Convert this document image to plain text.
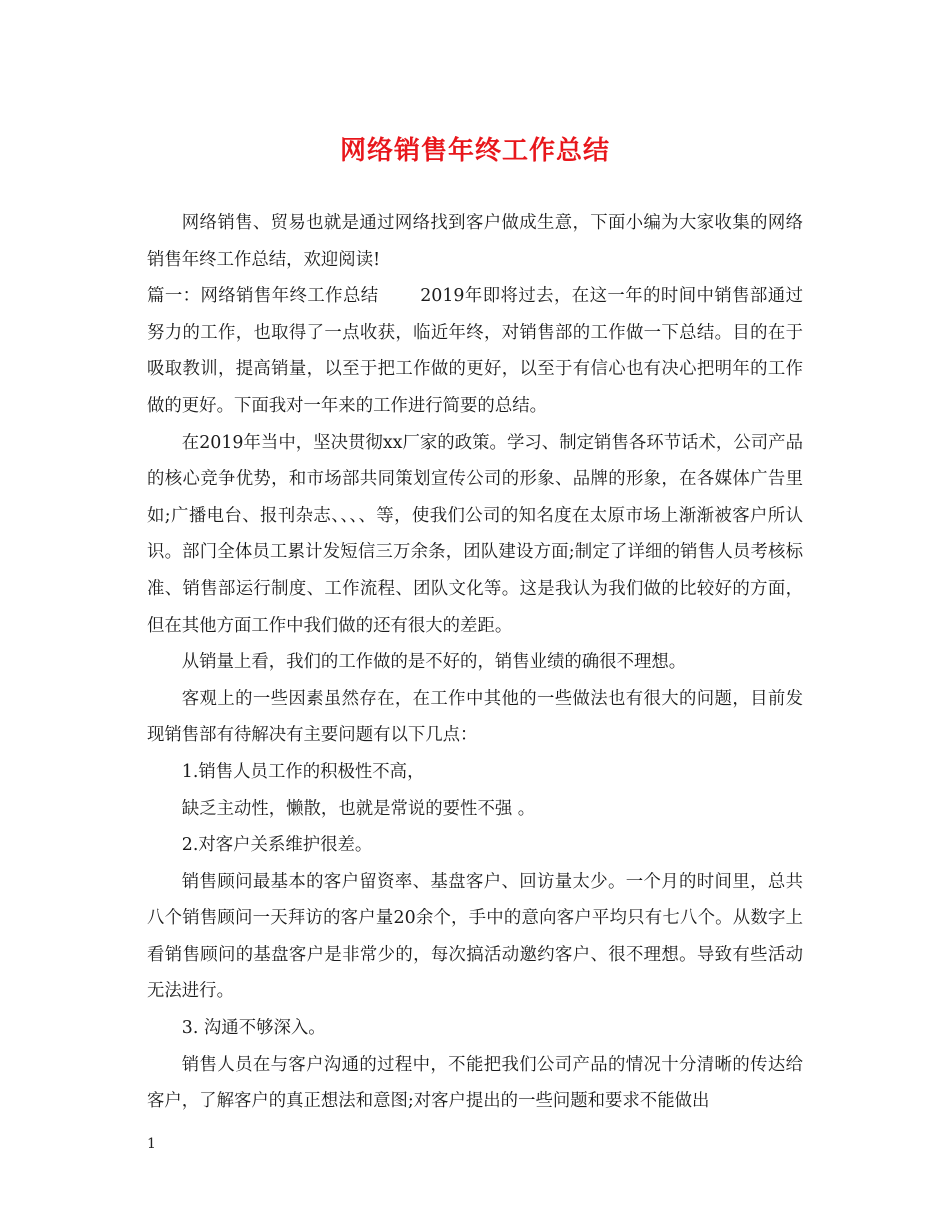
网络销售年终工作总结

网络销售、贸易也就是通过网络找到客户做成生意，下面小编为大家收集的网络销售年终工作总结，欢迎阅读!

篇一：网络销售年终工作总结　　 2019年即将过去，在这一年的时间中销售部通过努力的工作，也取得了一点收获，临近年终，对销售部的工作做一下总结。目的在于吸取教训，提高销量，以至于把工作做的更好，以至于有信心也有决心把明年的工作做的更好。下面我对一年来的工作进行简要的总结。

在2019年当中，坚决贯彻xx厂家的政策。学习、制定销售各环节话术，公司产品的核心竞争优势，和市场部共同策划宣传公司的形象、品牌的形象，在各媒体广告里如;广播电台、报刊杂志、、、、等，使我们公司的知名度在太原市场上渐渐被客户所认识。部门全体员工累计发短信三万余条，团队建设方面;制定了详细的销售人员考核标准、销售部运行制度、工作流程、团队文化等。这是我认为我们做的比较好的方面，但在其他方面工作中我们做的还有很大的差距。

从销量上看，我们的工作做的是不好的，销售业绩的确很不理想。

客观上的一些因素虽然存在，在工作中其他的一些做法也有很大的问题，目前发现销售部有待解决有主要问题有以下几点：

1.销售人员工作的积极性不高，

缺乏主动性，懒散，也就是常说的要性不强 。

2.对客户关系维护很差。

销售顾问最基本的客户留资率、基盘客户、回访量太少。一个月的时间里，总共八个销售顾问一天拜访的客户量20余个，手中的意向客户平均只有七八个。从数字上看销售顾问的基盘客户是非常少的，每次搞活动邀约客户、很不理想。导致有些活动无法进行。

3. 沟通不够深入。

销售人员在与客户沟通的过程中，不能把我们公司产品的情况十分清晰的传达给客户，了解客户的真正想法和意图;对客户提出的一些问题和要求不能做出

1
